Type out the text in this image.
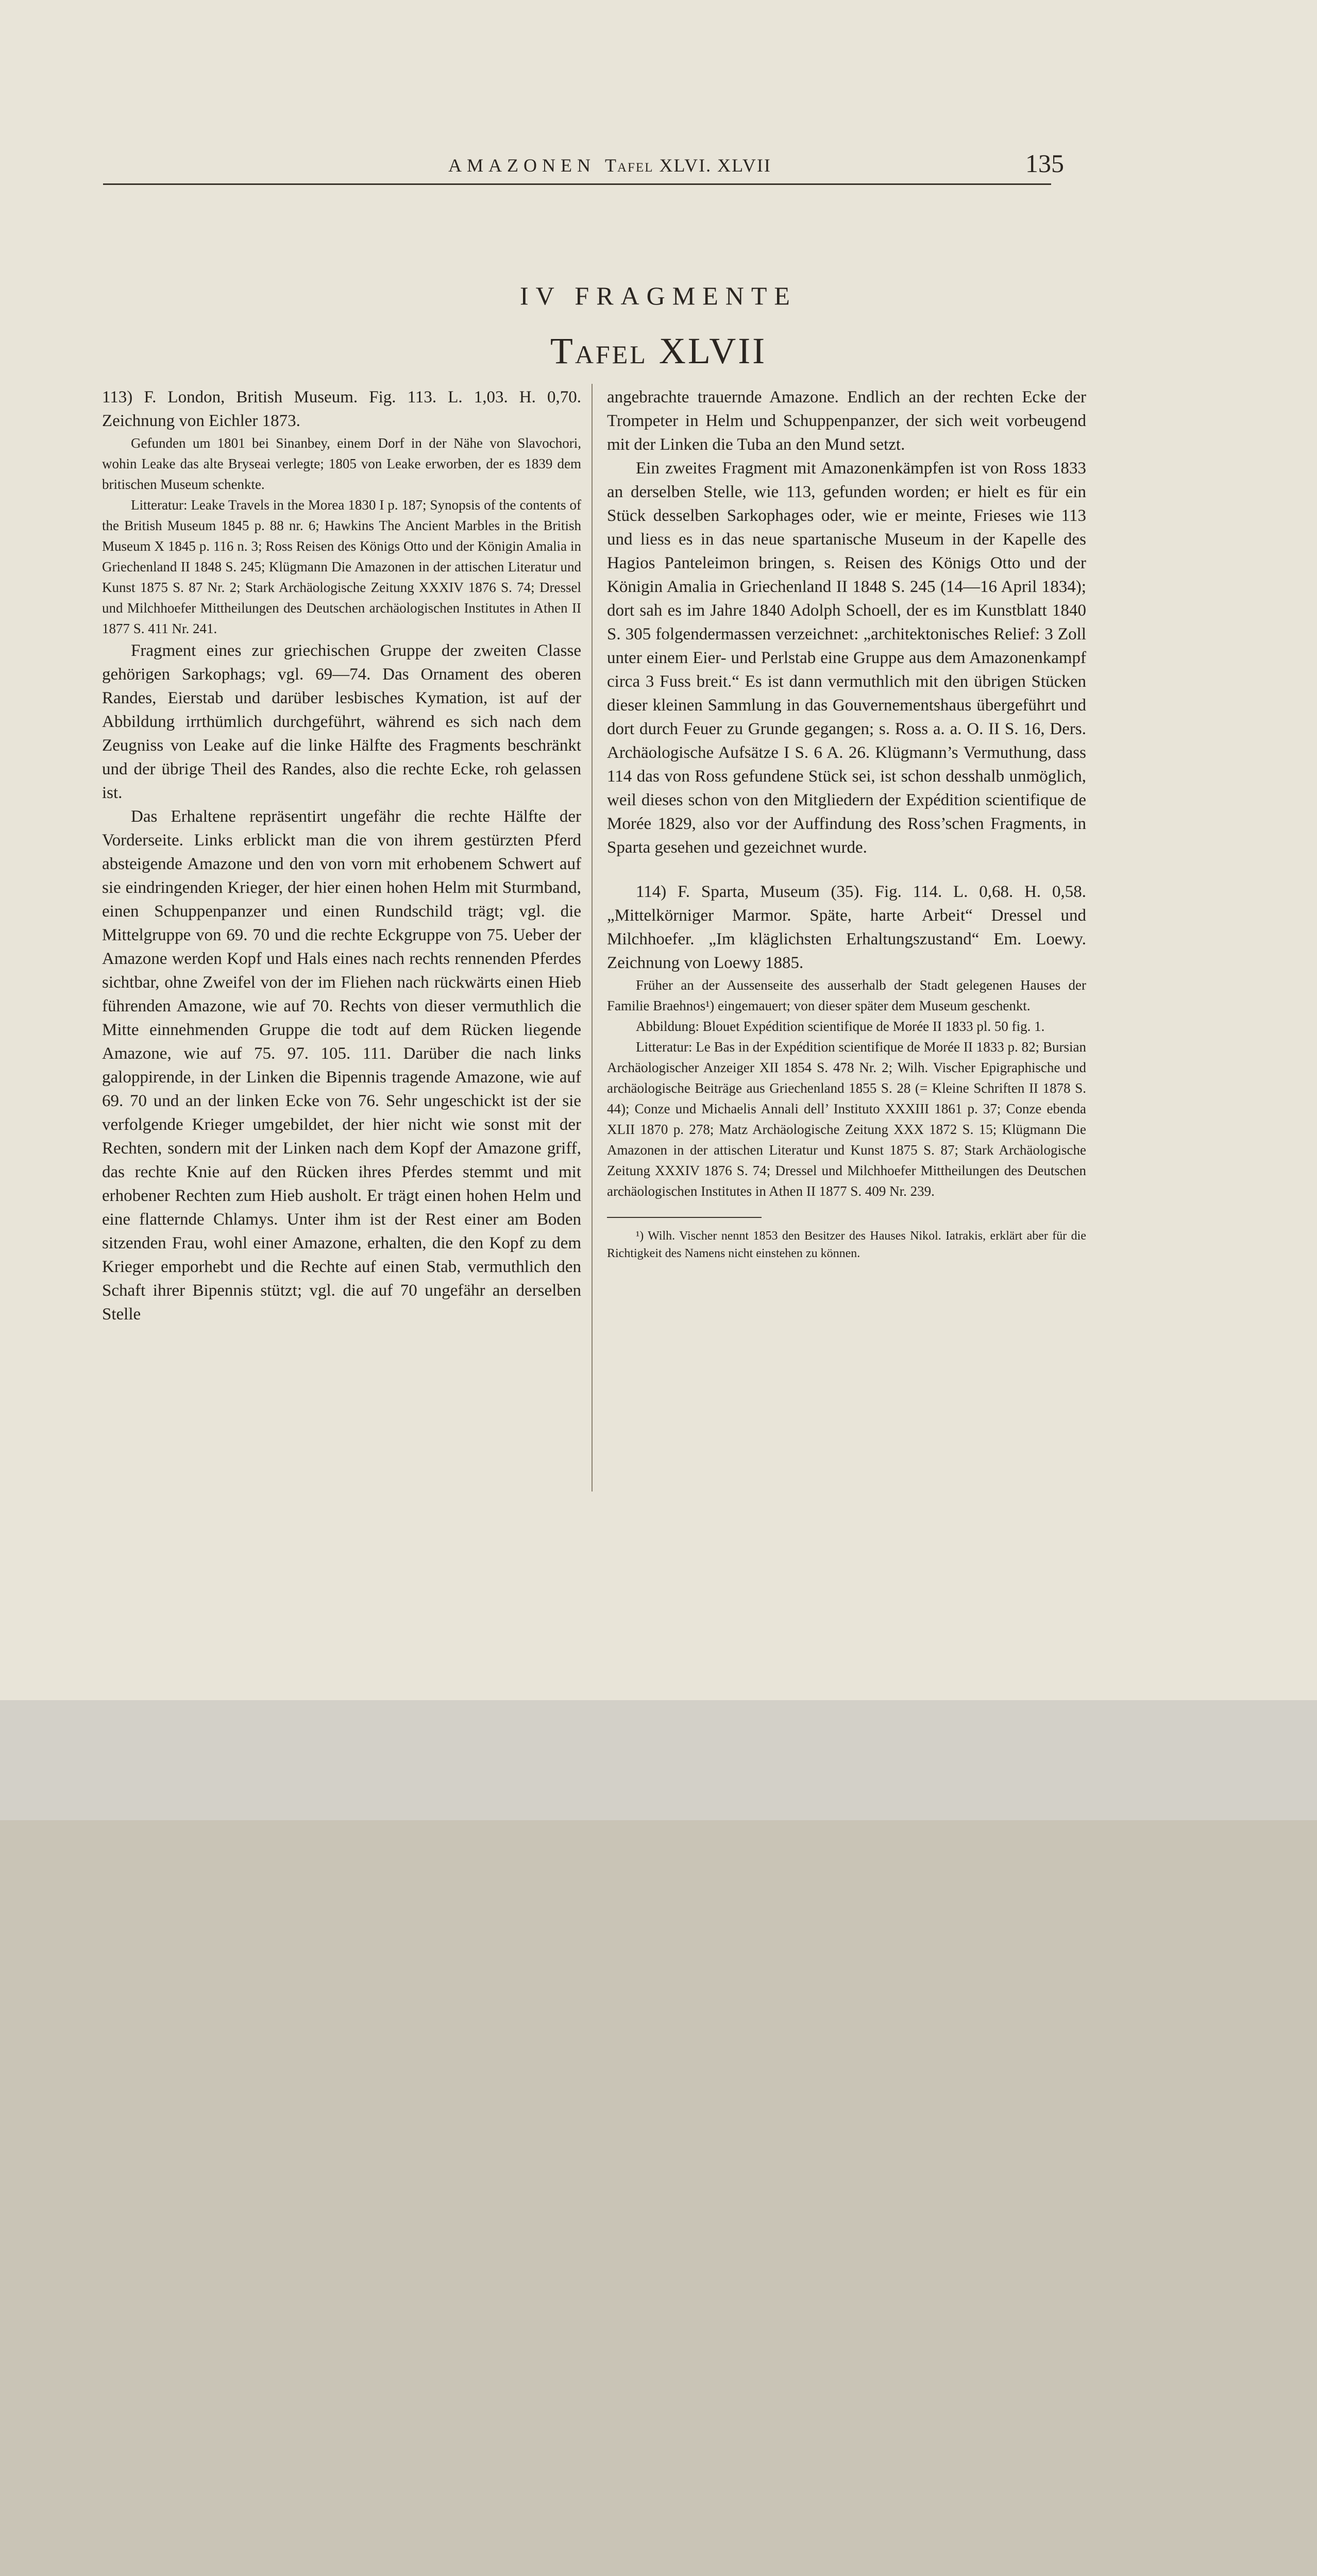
AMAZONEN Tafel XLVI. XLVII	135
IV FRAGMENTE
Tafel XLVII

113) F. London, British Museum. Fig. 113. L. 1,03. H. 0,70. Zeichnung von Eichler 1873.

Gefunden um 1801 bei Sinanbey, einem Dorf in der Nähe von Slavochori, wohin Leake das alte Bryseai verlegte; 1805 von Leake erworben, der es 1839 dem britischen Museum schenkte.

Litteratur: Leake Travels in the Morea 1830 I p. 187; Synopsis of the contents of the British Museum 1845 p. 88 nr. 6; Hawkins The Ancient Marbles in the British Museum X 1845 p. 116 n. 3; Ross Reisen des Königs Otto und der Königin Amalia in Griechenland II 1848 S. 245; Klügmann Die Amazonen in der attischen Literatur und Kunst 1875 S. 87 Nr. 2; Stark Archäologische Zeitung XXXIV 1876 S. 74; Dressel und Milchhoefer Mittheilungen des Deutschen archäologischen Institutes in Athen II 1877 S. 411 Nr. 241.

Fragment eines zur griechischen Gruppe der zweiten Classe gehörigen Sarkophags; vgl. 69—74. Das Ornament des oberen Randes, Eierstab und darüber lesbisches Kymation, ist auf der Abbildung irrthümlich durchgeführt, während es sich nach dem Zeugniss von Leake auf die linke Hälfte des Fragments beschränkt und der übrige Theil des Randes, also die rechte Ecke, roh gelassen ist.

Das Erhaltene repräsentirt ungefähr die rechte Hälfte der Vorderseite. Links erblickt man die von ihrem gestürzten Pferd absteigende Amazone und den von vorn mit erhobenem Schwert auf sie eindringenden Krieger, der hier einen hohen Helm mit Sturmband, einen Schuppenpanzer und einen Rundschild trägt; vgl. die Mittelgruppe von 69. 70 und die rechte Eckgruppe von 75. Ueber der Amazone werden Kopf und Hals eines nach rechts rennenden Pferdes sichtbar, ohne Zweifel von der im Fliehen nach rückwärts einen Hieb führenden Amazone, wie auf 70. Rechts von dieser vermuthlich die Mitte einnehmenden Gruppe die todt auf dem Rücken liegende Amazone, wie auf 75. 97. 105. 111. Darüber die nach links galoppirende, in der Linken die Bipennis tragende Amazone, wie auf 69. 70 und an der linken Ecke von 76. Sehr ungeschickt ist der sie verfolgende Krieger umgebildet, der hier nicht wie sonst mit der Rechten, sondern mit der Linken nach dem Kopf der Amazone griff, das rechte Knie auf den Rücken ihres Pferdes stemmt und mit erhobener Rechten zum Hieb ausholt. Er trägt einen hohen Helm und eine flatternde Chlamys. Unter ihm ist der Rest einer am Boden sitzenden Frau, wohl einer Amazone, erhalten, die den Kopf zu dem Krieger emporhebt und die Rechte auf einen Stab, vermuthlich den Schaft ihrer Bipennis stützt; vgl. die auf 70 ungefähr an derselben Stelle

angebrachte trauernde Amazone. Endlich an der rechten Ecke der Trompeter in Helm und Schuppenpanzer, der sich weit vorbeugend mit der Linken die Tuba an den Mund setzt.

Ein zweites Fragment mit Amazonenkämpfen ist von Ross 1833 an derselben Stelle, wie 113, gefunden worden; er hielt es für ein Stück desselben Sarkophages oder, wie er meinte, Frieses wie 113 und liess es in das neue spartanische Museum in der Kapelle des Hagios Panteleimon bringen, s. Reisen des Königs Otto und der Königin Amalia in Griechenland II 1848 S. 245 (14—16 April 1834); dort sah es im Jahre 1840 Adolph Schoell, der es im Kunstblatt 1840 S. 305 folgendermassen verzeichnet: „architektonisches Relief: 3 Zoll unter einem Eier- und Perlstab eine Gruppe aus dem Amazonenkampf circa 3 Fuss breit.“ Es ist dann vermuthlich mit den übrigen Stücken dieser kleinen Sammlung in das Gouvernementshaus übergeführt und dort durch Feuer zu Grunde gegangen; s. Ross a. a. O. II S. 16, Ders. Archäologische Aufsätze I S. 6 A. 26. Klügmann’s Vermuthung, dass 114 das von Ross gefundene Stück sei, ist schon desshalb unmöglich, weil dieses schon von den Mitgliedern der Expédition scientifique de Morée 1829, also vor der Auffindung des Ross’schen Fragments, in Sparta gesehen und gezeichnet wurde.

114) F. Sparta, Museum (35). Fig. 114. L. 0,68. H. 0,58. „Mittelkörniger Marmor. Späte, harte Arbeit“ Dressel und Milchhoefer. „Im kläglichsten Erhaltungszustand“ Em. Loewy. Zeichnung von Loewy 1885.

Früher an der Aussenseite des ausserhalb der Stadt gelegenen Hauses der Familie Braehnos¹) eingemauert; von dieser später dem Museum geschenkt.

Abbildung: Blouet Expédition scientifique de Morée II 1833 pl. 50 fig. 1.

Litteratur: Le Bas in der Expédition scientifique de Morée II 1833 p. 82; Bursian Archäologischer Anzeiger XII 1854 S. 478 Nr. 2; Wilh. Vischer Epigraphische und archäologische Beiträge aus Griechenland 1855 S. 28 (= Kleine Schriften II 1878 S. 44); Conze und Michaelis Annali dell’ Instituto XXXIII 1861 p. 37; Conze ebenda XLII 1870 p. 278; Matz Archäologische Zeitung XXX 1872 S. 15; Klügmann Die Amazonen in der attischen Literatur und Kunst 1875 S. 87; Stark Archäologische Zeitung XXXIV 1876 S. 74; Dressel und Milchhoefer Mittheilungen des Deutschen archäologischen Institutes in Athen II 1877 S. 409 Nr. 239.

¹) Wilh. Vischer nennt 1853 den Besitzer des Hauses Nikol. Iatrakis, erklärt aber für die Richtigkeit des Namens nicht einstehen zu können.
